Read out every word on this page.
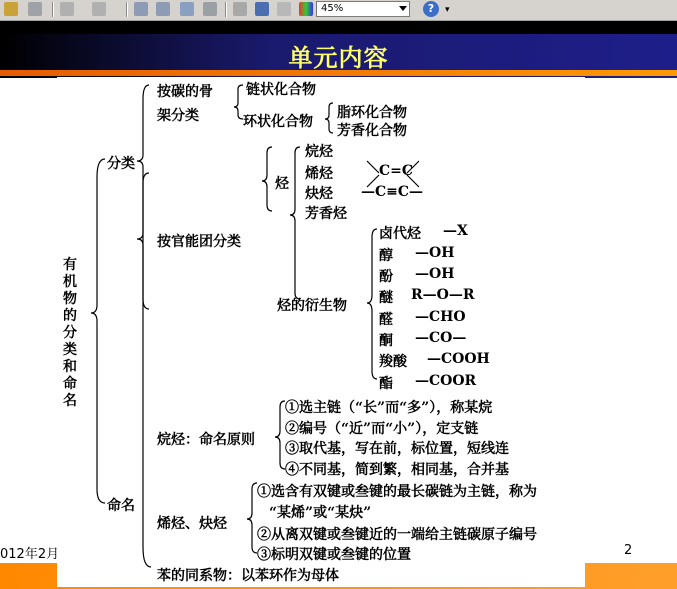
45%	?	▾
单元内容
有机物的分类和命名
分类
按碳的骨
架分类
链状化合物
环状化合物
脂环化合物
芳香化合物
按官能团分类
烃
烷烃
烯烃
炔烃
芳香烃
C=C
—C≡C—
烃的衍生物
卤代烃 —X
醇 —OH
酚 —OH
醚 R—O—R
醛 —CHO
酮 —CO—
羧酸 —COOH
酯 —COOR
命名
烷烃：命名原则
①选主链（“长”而“多”），称某烷
②编号（“近”而“小”），定支链
③取代基，写在前，标位置，短线连
④不同基，简到繁，相同基，合并基
烯烃、炔烃
①选含有双键或叁键的最长碳链为主链，称为
“某烯”或“某炔”
②从离双键或叁键近的一端给主链碳原子编号
③标明双键或叁键的位置
苯的同系物：以苯环作为母体
012年2月	2
